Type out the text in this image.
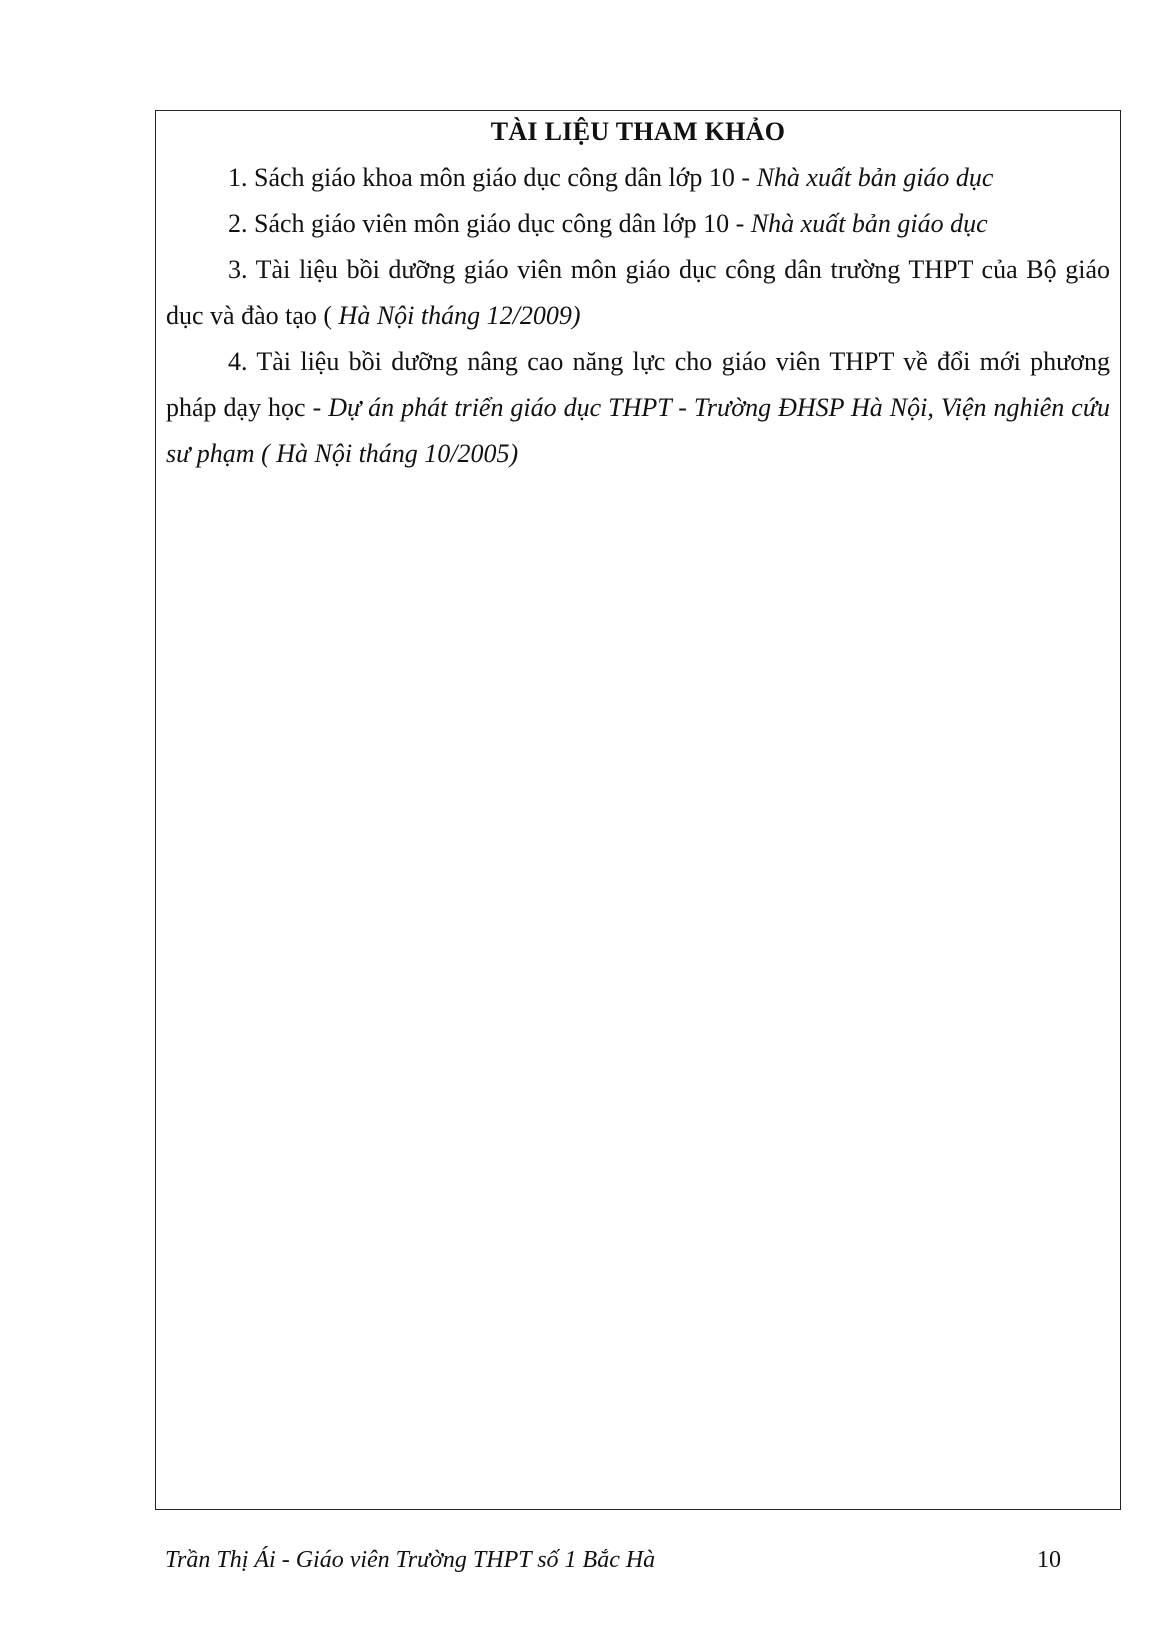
TÀI LIỆU THAM KHẢO

1. Sách giáo khoa môn giáo dục công dân lớp 10 - Nhà xuất bản giáo dục

2. Sách giáo viên môn giáo dục công dân lớp 10 - Nhà xuất bản giáo dục

3. Tài liệu bồi dưỡng giáo viên môn giáo dục công dân trường THPT của Bộ giáo dục và đào tạo ( Hà Nội tháng 12/2009)

4. Tài liệu bồi dưỡng nâng cao năng lực cho giáo viên THPT về đổi mới phương pháp dạy học - Dự án phát triển giáo dục THPT - Trường ĐHSP Hà Nội, Viện nghiên cứu sư phạm ( Hà Nội tháng 10/2005)

Trần Thị Ái - Giáo viên Trường THPT số 1 Bắc Hà	10
